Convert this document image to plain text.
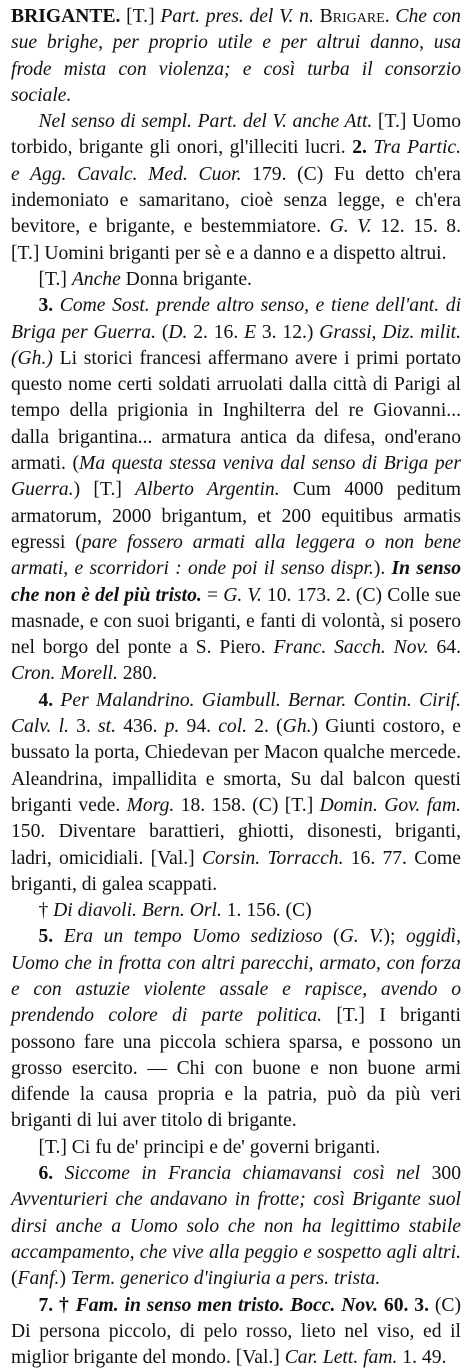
BRIGANTE. [T.] Part. pres. del V. n. Brigare. Che con sue brighe, per proprio utile e per altrui danno, usa frode mista con violenza; e così turba il consorzio sociale.

Nel senso di sempl. Part. del V. anche Att. [T.] Uomo torbido, brigante gli onori, gl'illeciti lucri. 2. Tra Partic. e Agg. Cavalc. Med. Cuor. 179. (C) Fu detto ch'era indemoniato e samaritano, cioè senza legge, e ch'era bevitore, e brigante, e bestemmiatore. G. V. 12. 15. 8. [T.] Uomini briganti per sè e a danno e a dispetto altrui.

[T.] Anche Donna brigante.

3. Come Sost. prende altro senso, e tiene dell'ant. di Briga per Guerra. (D. 2. 16. E 3. 12.) Grassi, Diz. milit. (Gh.) Li storici francesi affermano avere i primi portato questo nome certi soldati arruolati dalla città di Parigi al tempo della prigionia in Inghilterra del re Giovanni... dalla brigantina... armatura antica da difesa, ond'erano armati. (Ma questa stessa veniva dal senso di Briga per Guerra.) [T.] Alberto Argentin. Cum 4000 peditum armatorum, 2000 brigantum, et 200 equitibus armatis egressi (pare fossero armati alla leggera o non bene armati, e scorridori : onde poi il senso dispr.). In senso che non è del più tristo. = G. V. 10. 173. 2. (C) Colle sue masnade, e con suoi briganti, e fanti di volontà, si posero nel borgo del ponte a S. Piero. Franc. Sacch. Nov. 64. Cron. Morell. 280.

4. Per Malandrino. Giambull. Bernar. Contin. Cirif. Calv. l. 3. st. 436. p. 94. col. 2. (Gh.) Giunti costoro, e bussato la porta, Chiedevan per Macon qualche mercede. Aleandrina, impallidita e smorta, Su dal balcon questi briganti vede. Morg. 18. 158. (C) [T.] Domin. Gov. fam. 150. Diventare barattieri, ghiotti, disonesti, briganti, ladri, omicidiali. [Val.] Corsin. Torracch. 16. 77. Come briganti, di galea scappati.

† Di diavoli. Bern. Orl. 1. 156. (C)

5. Era un tempo Uomo sedizioso (G. V.); oggidì, Uomo che in frotta con altri parecchi, armato, con forza e con astuzie violente assale e rapisce, avendo o prendendo colore di parte politica. [T.] I briganti possono fare una piccola schiera sparsa, e possono un grosso esercito. — Chi con buone e non buone armi difende la causa propria e la patria, può da più veri briganti di lui aver titolo di brigante.

[T.] Ci fu de' principi e de' governi briganti.

6. Siccome in Francia chiamavansi così nel 300 Avventurieri che andavano in frotte; così Brigante suol dirsi anche a Uomo solo che non ha legittimo stabile accampamento, che vive alla peggio e sospetto agli altri. (Fanf.) Term. generico d'ingiuria a pers. trista.

7. † Fam. in senso men tristo. Bocc. Nov. 60. 3. (C) Di persona piccolo, di pelo rosso, lieto nel viso, ed il miglior brigante del mondo. [Val.] Car. Lett. fam. 1. 49.
